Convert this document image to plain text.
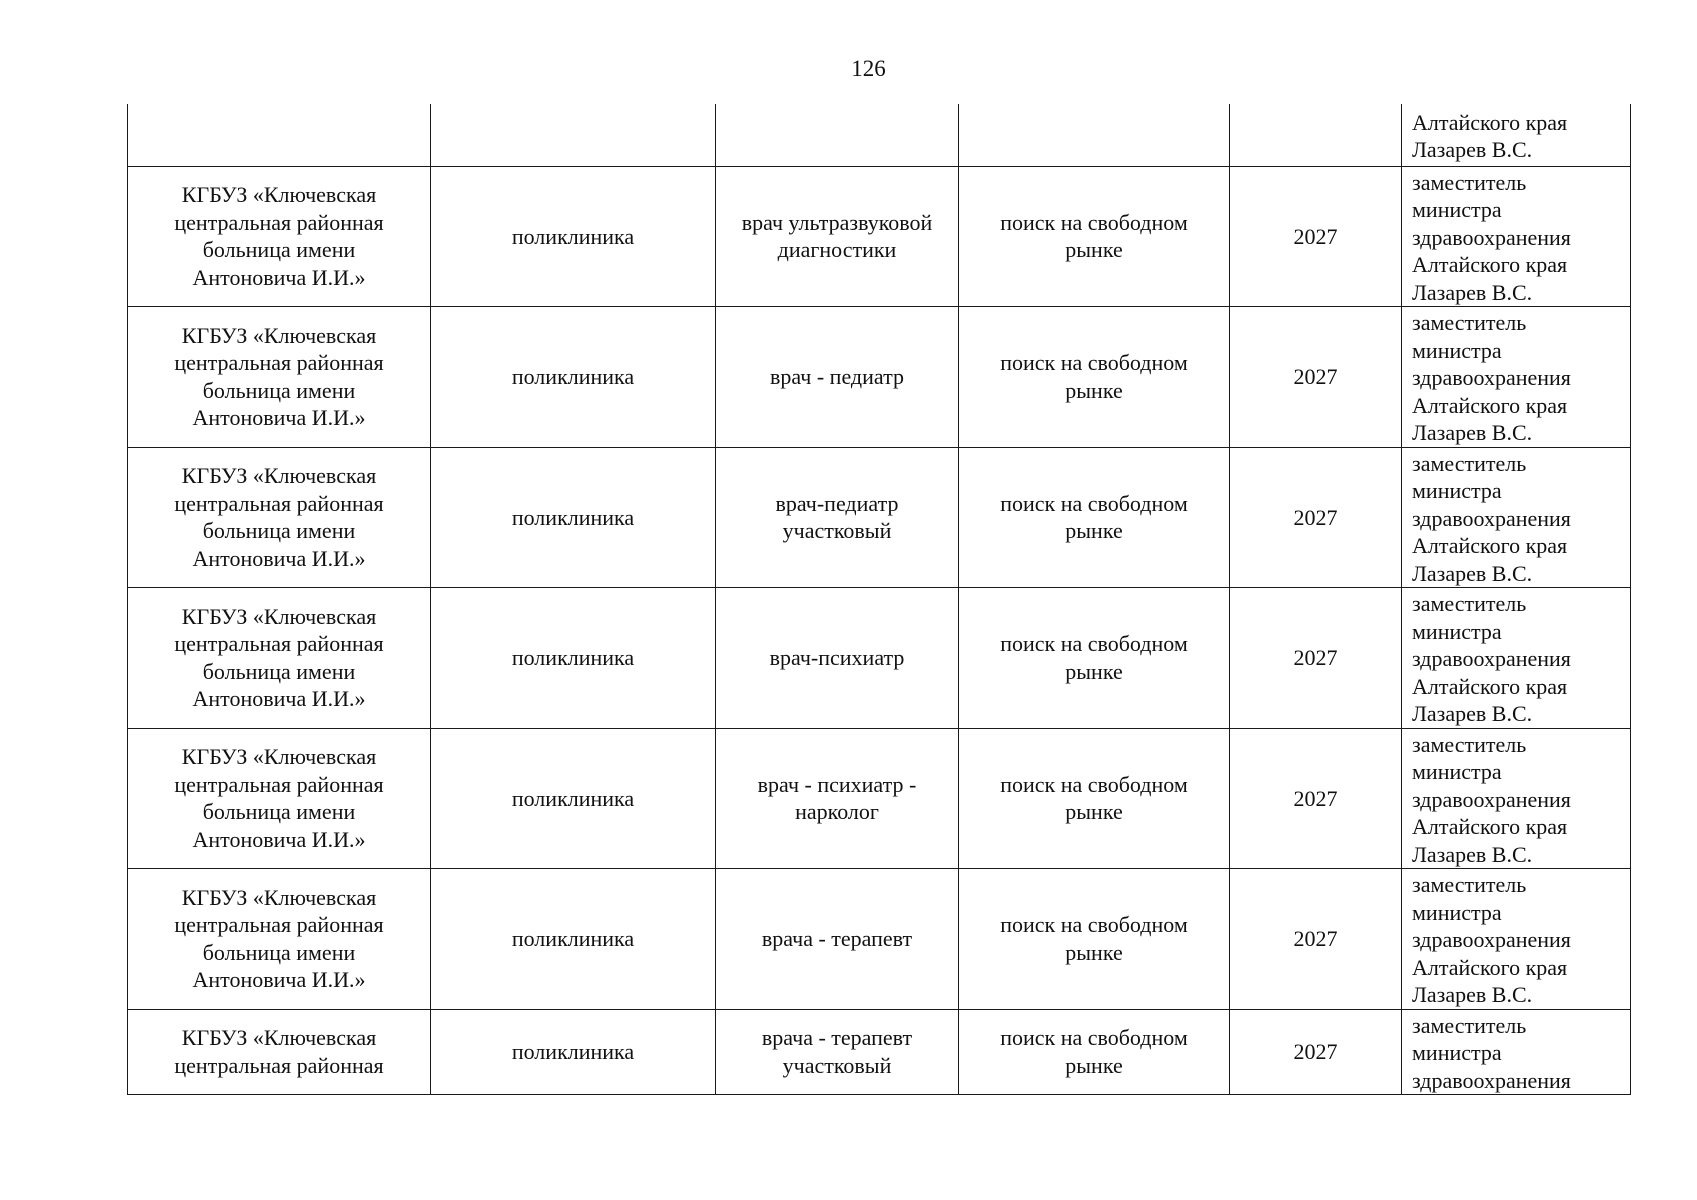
126

					Алтайского края
Лазарев В.С.

КГБУЗ «Ключевская
центральная районная
больница имени
Антоновича И.И.»	поликлиника	врач ультразвуковой
диагностики	поиск на свободном
рынке	2027	заместитель
министра
здравоохранения
Алтайского края
Лазарев В.С.

КГБУЗ «Ключевская
центральная районная
больница имени
Антоновича И.И.»	поликлиника	врач - педиатр	поиск на свободном
рынке	2027	заместитель
министра
здравоохранения
Алтайского края
Лазарев В.С.

КГБУЗ «Ключевская
центральная районная
больница имени
Антоновича И.И.»	поликлиника	врач-педиатр
участковый	поиск на свободном
рынке	2027	заместитель
министра
здравоохранения
Алтайского края
Лазарев В.С.

КГБУЗ «Ключевская
центральная районная
больница имени
Антоновича И.И.»	поликлиника	врач-психиатр	поиск на свободном
рынке	2027	заместитель
министра
здравоохранения
Алтайского края
Лазарев В.С.

КГБУЗ «Ключевская
центральная районная
больница имени
Антоновича И.И.»	поликлиника	врач - психиатр -
нарколог	поиск на свободном
рынке	2027	заместитель
министра
здравоохранения
Алтайского края
Лазарев В.С.

КГБУЗ «Ключевская
центральная районная
больница имени
Антоновича И.И.»	поликлиника	врача - терапевт	поиск на свободном
рынке	2027	заместитель
министра
здравоохранения
Алтайского края
Лазарев В.С.

КГБУЗ «Ключевская
центральная районная	поликлиника	врача - терапевт
участковый	поиск на свободном
рынке	2027	заместитель
министра
здравоохранения
